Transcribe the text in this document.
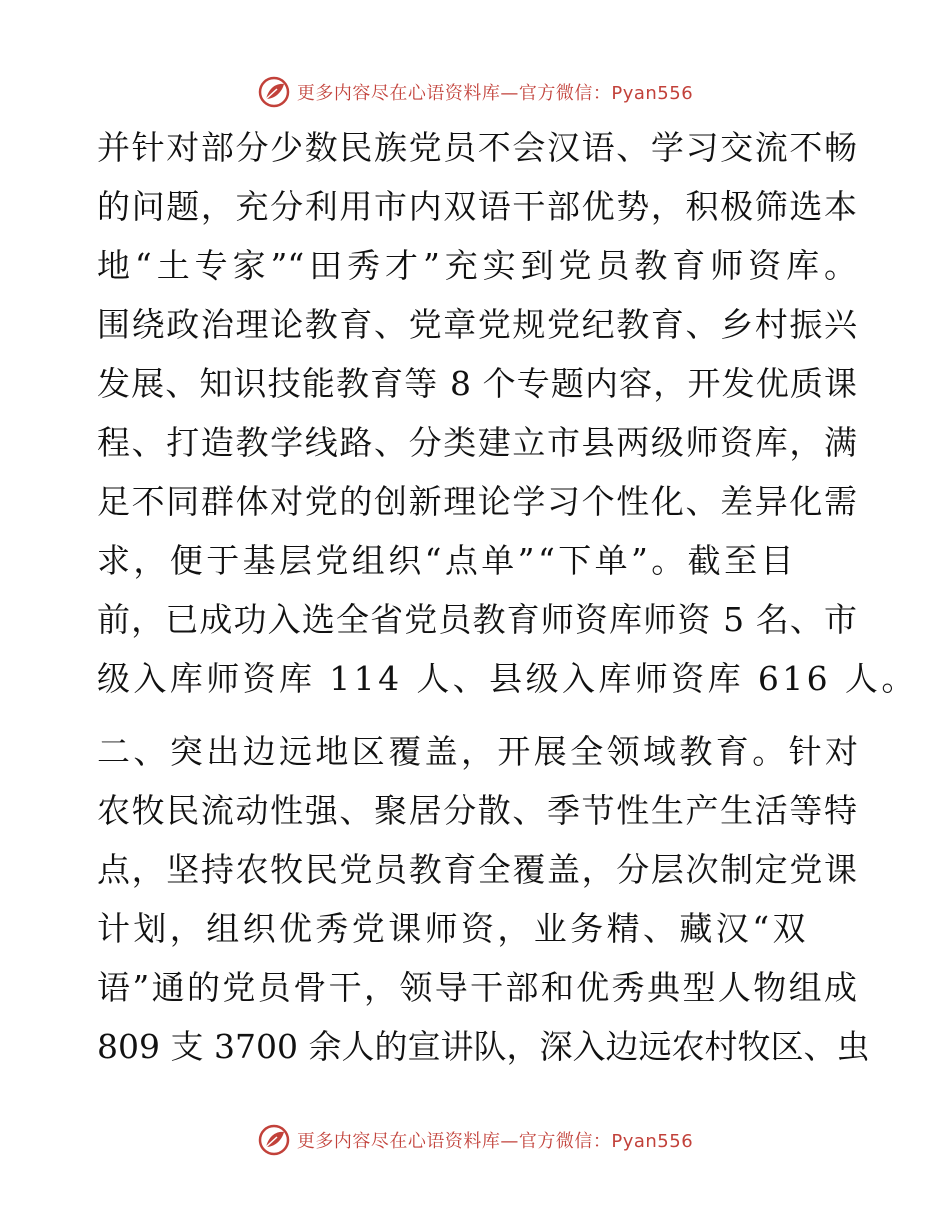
更多内容尽在心语资料库—官方微信：Pyan556
并针对部分少数民族党员不会汉语、学习交流不畅
的问题，充分利用市内双语干部优势，积极筛选本
地“土专家”“田秀才”充实到党员教育师资库。
围绕政治理论教育、党章党规党纪教育、乡村振兴
发展、知识技能教育等 8 个专题内容，开发优质课
程、打造教学线路、分类建立市县两级师资库，满
足不同群体对党的创新理论学习个性化、差异化需
求，便于基层党组织“点单”“下单”。截至目
前，已成功入选全省党员教育师资库师资 5 名、市
级入库师资库 114 人、县级入库师资库 616 人。
二、突出边远地区覆盖，开展全领域教育。针对
农牧民流动性强、聚居分散、季节性生产生活等特
点，坚持农牧民党员教育全覆盖，分层次制定党课
计划，组织优秀党课师资，业务精、藏汉“双
语”通的党员骨干，领导干部和优秀典型人物组成
809 支 3700 余人的宣讲队，深入边远农村牧区、虫
更多内容尽在心语资料库—官方微信：Pyan556
